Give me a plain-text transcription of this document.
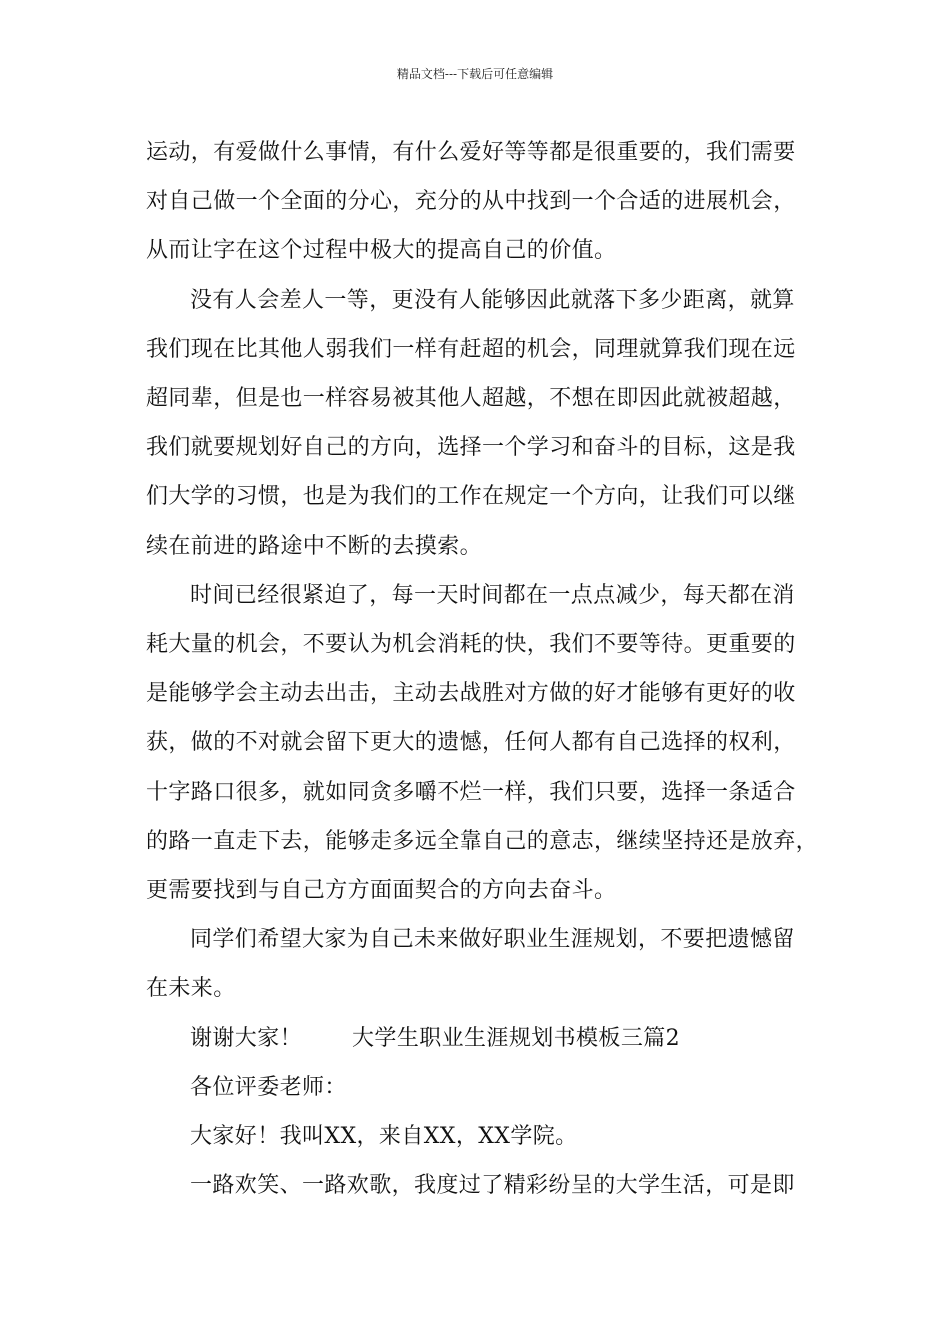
精品文档---下载后可任意编辑

运动，有爱做什么事情，有什么爱好等等都是很重要的，我们需要
对自己做一个全面的分心，充分的从中找到一个合适的进展机会，
从而让字在这个过程中极大的提高自己的价值。

没有人会差人一等，更没有人能够因此就落下多少距离，就算
我们现在比其他人弱我们一样有赶超的机会，同理就算我们现在远
超同辈，但是也一样容易被其他人超越，不想在即因此就被超越，
我们就要规划好自己的方向，选择一个学习和奋斗的目标，这是我
们大学的习惯，也是为我们的工作在规定一个方向，让我们可以继
续在前进的路途中不断的去摸索。

时间已经很紧迫了，每一天时间都在一点点减少，每天都在消
耗大量的机会，不要认为机会消耗的快，我们不要等待。更重要的
是能够学会主动去出击，主动去战胜对方做的好才能够有更好的收
获，做的不对就会留下更大的遗憾，任何人都有自己选择的权利，
十字路口很多，就如同贪多嚼不烂一样，我们只要，选择一条适合
的路一直走下去，能够走多远全靠自己的意志，继续坚持还是放弃，
更需要找到与自己方方面面契合的方向去奋斗。

同学们希望大家为自己未来做好职业生涯规划，不要把遗憾留
在未来。

谢谢大家！ 大学生职业生涯规划书模板三篇2
各位评委老师：
大家好！我叫XX，来自XX，XX学院。
一路欢笑、一路欢歌，我度过了精彩纷呈的大学生活，可是即
